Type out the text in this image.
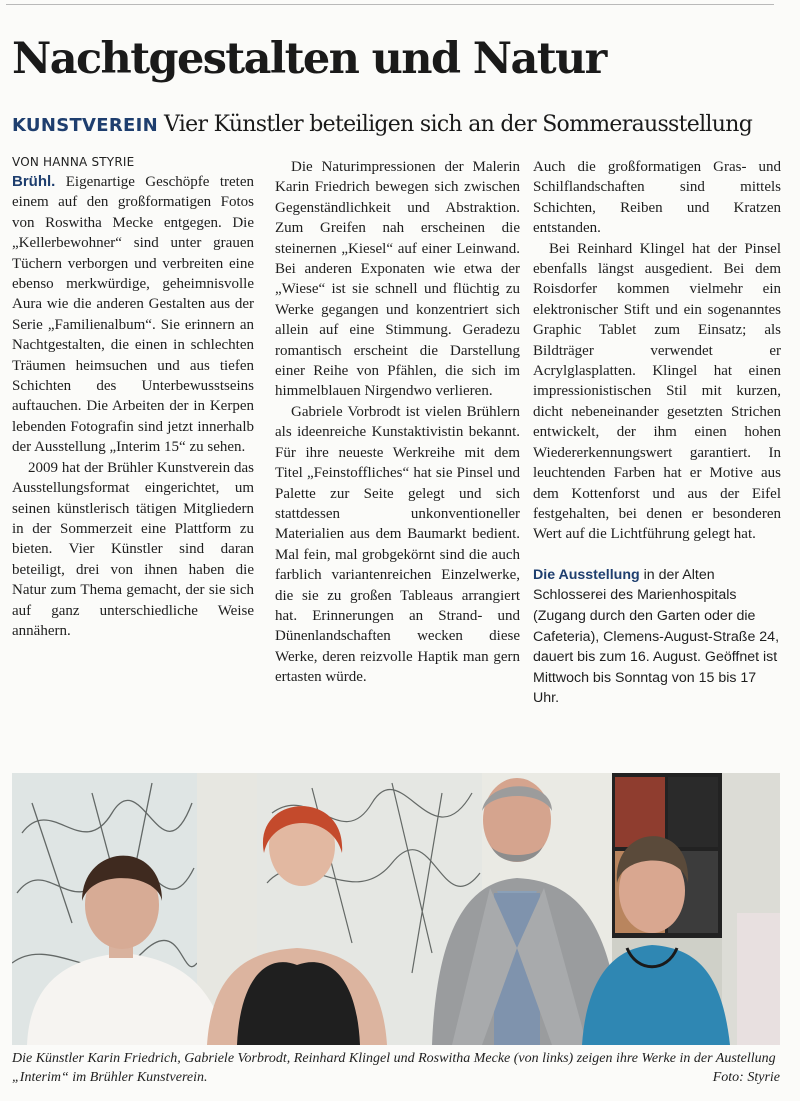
Nachtgestalten und Natur
KUNSTVEREIN Vier Künstler beteiligen sich an der Sommerausstellung
VON HANNA STYRIE

Brühl. Eigenartige Geschöpfe treten einem auf den großformatigen Fotos von Roswitha Mecke entgegen. Die „Kellerbewohner“ sind unter grauen Tüchern verborgen und verbreiten eine ebenso merkwürdige, geheimnisvolle Aura wie die anderen Gestalten aus der Serie „Familienalbum“. Sie erinnern an Nachtgestalten, die einen in schlechten Träumen heimsuchen und aus tiefen Schichten des Unterbewusstseins auftauchen. Die Arbeiten der in Kerpen lebenden Fotografin sind jetzt innerhalb der Ausstellung „Interim 15“ zu sehen.

2009 hat der Brühler Kunstverein das Ausstellungsformat eingerichtet, um seinen künstlerisch tätigen Mitgliedern in der Sommerzeit eine Plattform zu bieten. Vier Künstler sind daran beteiligt, drei von ihnen haben die Natur zum Thema gemacht, der sie sich auf ganz unterschiedliche Weise annähern.

Die Naturimpressionen der Malerin Karin Friedrich bewegen sich zwischen Gegenständlichkeit und Abstraktion. Zum Greifen nah erscheinen die steinernen „Kiesel“ auf einer Leinwand. Bei anderen Exponaten wie etwa der „Wiese“ ist sie schnell und flüchtig zu Werke gegangen und konzentriert sich allein auf eine Stimmung. Geradezu romantisch erscheint die Darstellung einer Reihe von Pfählen, die sich im himmelblauen Nirgendwo verlieren.

Gabriele Vorbrodt ist vielen Brühlern als ideenreiche Kunstaktivistin bekannt. Für ihre neueste Werkreihe mit dem Titel „Feinstoffliches“ hat sie Pinsel und Palette zur Seite gelegt und sich stattdessen unkonventioneller Materialien aus dem Baumarkt bedient. Mal fein, mal grobgekörnt sind die auch farblich variantenreichen Einzelwerke, die sie zu großen Tableaus arrangiert hat. Erinnerungen an Strand- und Dünenlandschaften wecken diese Werke, deren reizvolle Haptik man gern ertasten würde.

Auch die großformatigen Gras- und Schilflandschaften sind mittels Schichten, Reiben und Kratzen entstanden.

Bei Reinhard Klingel hat der Pinsel ebenfalls längst ausgedient. Bei dem Roisdorfer kommen vielmehr ein elektronischer Stift und ein sogenanntes Graphic Tablet zum Einsatz; als Bildträger verwendet er Acrylglasplatten. Klingel hat einen impressionistischen Stil mit kurzen, dicht nebeneinander gesetzten Strichen entwickelt, der ihm einen hohen Wiedererkennungswert garantiert. In leuchtenden Farben hat er Motive aus dem Kottenforst und aus der Eifel festgehalten, bei denen er besonderen Wert auf die Lichtführung gelegt hat.

Die Ausstellung in der Alten Schlosserei des Marienhospitals (Zugang durch den Garten oder die Cafeteria), Clemens-August-Straße 24, dauert bis zum 16. August. Geöffnet ist Mittwoch bis Sonntag von 15 bis 17 Uhr.

Die Künstler Karin Friedrich, Gabriele Vorbrodt, Reinhard Klingel und Roswitha Mecke (von links) zeigen ihre Werke in der Austellung „Interim“ im Brühler Kunstverein.	Foto: Styrie
